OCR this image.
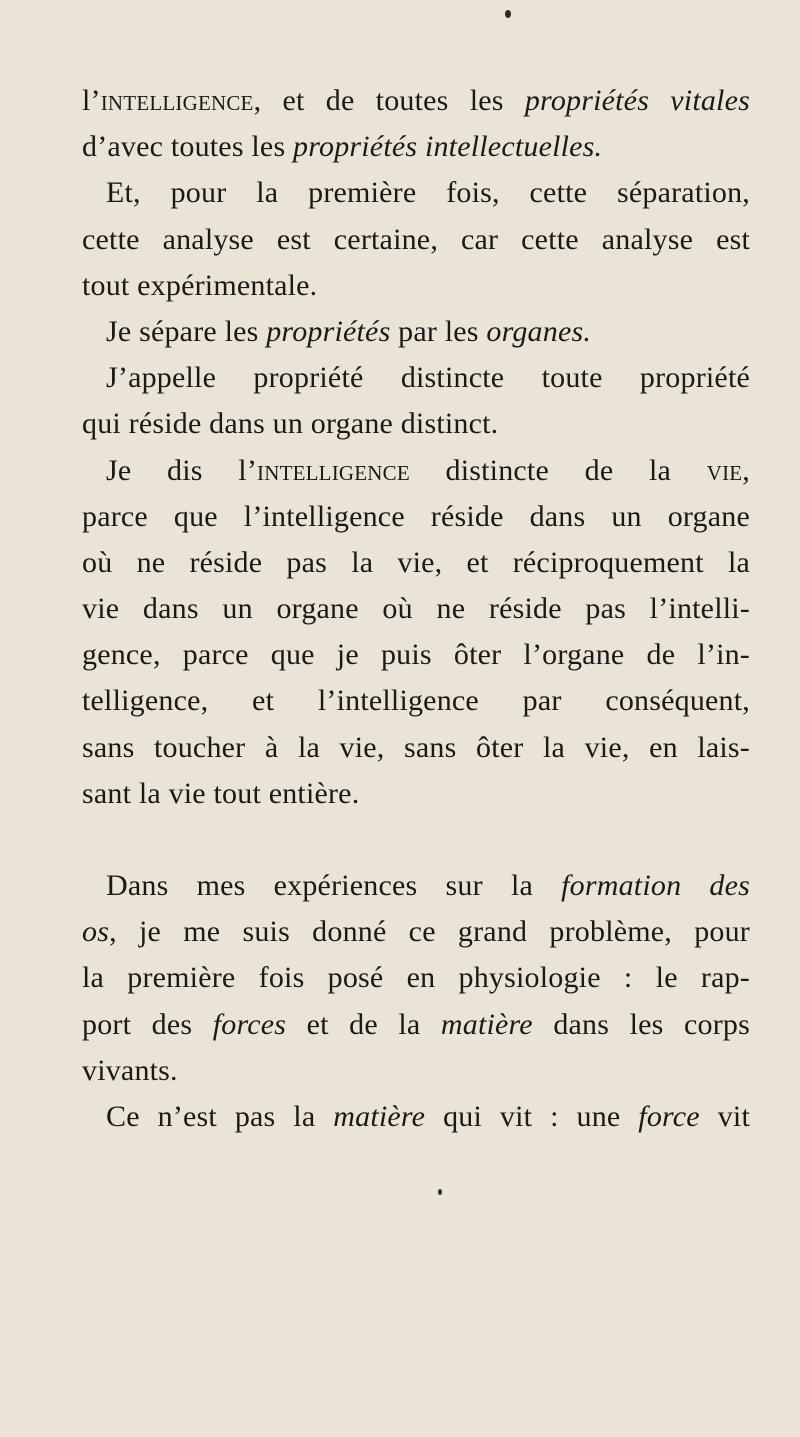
l’intelligence, et de toutes les propriétés vitales
d’avec toutes les propriétés intellectuelles.
Et, pour la première fois, cette séparation,
cette analyse est certaine, car cette analyse est
tout expérimentale.
Je sépare les propriétés par les organes.
J’appelle propriété distincte toute propriété
qui réside dans un organe distinct.
Je dis l’intelligence distincte de la vie,
parce que l’intelligence réside dans un organe
où ne réside pas la vie, et réciproquement la
vie dans un organe où ne réside pas l’intelli-
gence, parce que je puis ôter l’organe de l’in-
telligence, et l’intelligence par conséquent,
sans toucher à la vie, sans ôter la vie, en lais-
sant la vie tout entière.
Dans mes expériences sur la formation des
os, je me suis donné ce grand problème, pour
la première fois posé en physiologie : le rap-
port des forces et de la matière dans les corps
vivants.
Ce n’est pas la matière qui vit : une force vit
